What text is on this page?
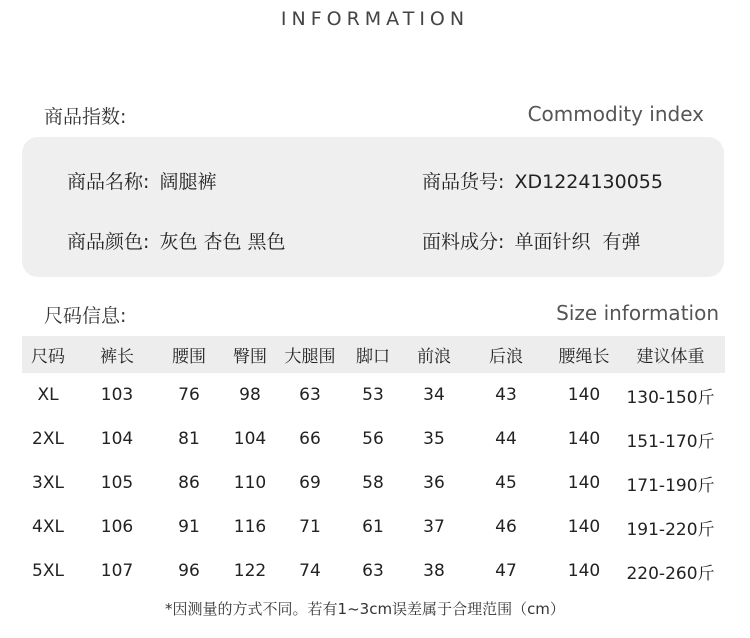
INFORMATION
商品指数:	Commodity index
商品名称: 阔腿裤	商品货号: XD1224130055
商品颜色: 灰色 杏色 黑色	面料成分: 单面针织  有弹
尺码信息:	Size information
尺码	裤长	腰围	臀围	大腿围	脚口	前浪	后浪	腰绳长	建议体重
XL	103	76	98	63	53	34	43	140	130-150斤
2XL	104	81	104	66	56	35	44	140	151-170斤
3XL	105	86	110	69	58	36	45	140	171-190斤
4XL	106	91	116	71	61	37	46	140	191-220斤
5XL	107	96	122	74	63	38	47	140	220-260斤
*因测量的方式不同。若有1~3cm误差属于合理范围（cm）
